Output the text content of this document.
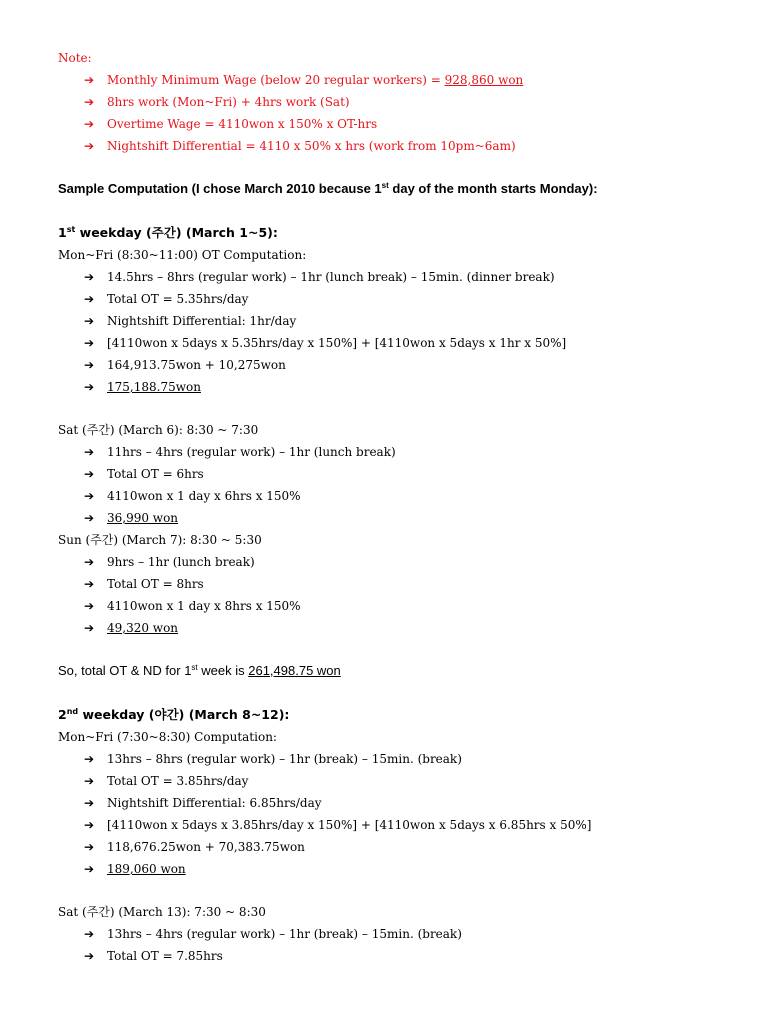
Note:
➔ Monthly Minimum Wage (below 20 regular workers) = 928,860 won
➔ 8hrs work (Mon~Fri) + 4hrs work (Sat)
➔ Overtime Wage = 4110won x 150% x OT-hrs
➔ Nightshift Differential = 4110 x 50% x hrs (work from 10pm~6am)
Sample Computation (I chose March 2010 because 1st day of the month starts Monday):
1st weekday (주간) (March 1~5):
Mon~Fri (8:30~11:00) OT Computation:
➔ 14.5hrs – 8hrs (regular work) – 1hr (lunch break) – 15min. (dinner break)
➔ Total OT = 5.35hrs/day
➔ Nightshift Differential: 1hr/day
➔ [4110won x 5days x 5.35hrs/day x 150%] + [4110won x 5days x 1hr x 50%]
➔ 164,913.75won + 10,275won
➔ 175,188.75won
Sat (주간) (March 6): 8:30 ~ 7:30
➔ 11hrs – 4hrs (regular work) – 1hr (lunch break)
➔ Total OT = 6hrs
➔ 4110won x 1 day x 6hrs x 150%
➔ 36,990 won
Sun (주간) (March 7): 8:30 ~ 5:30
➔ 9hrs – 1hr (lunch break)
➔ Total OT = 8hrs
➔ 4110won x 1 day x 8hrs x 150%
➔ 49,320 won
So, total OT & ND for 1st week is 261,498.75 won
2nd weekday (야간) (March 8~12):
Mon~Fri (7:30~8:30) Computation:
➔ 13hrs – 8hrs (regular work) – 1hr (break) – 15min. (break)
➔ Total OT = 3.85hrs/day
➔ Nightshift Differential: 6.85hrs/day
➔ [4110won x 5days x 3.85hrs/day x 150%] + [4110won x 5days x 6.85hrs x 50%]
➔ 118,676.25won + 70,383.75won
➔ 189,060 won
Sat (주간) (March 13): 7:30 ~ 8:30
➔ 13hrs – 4hrs (regular work) – 1hr (break) – 15min. (break)
➔ Total OT = 7.85hrs
